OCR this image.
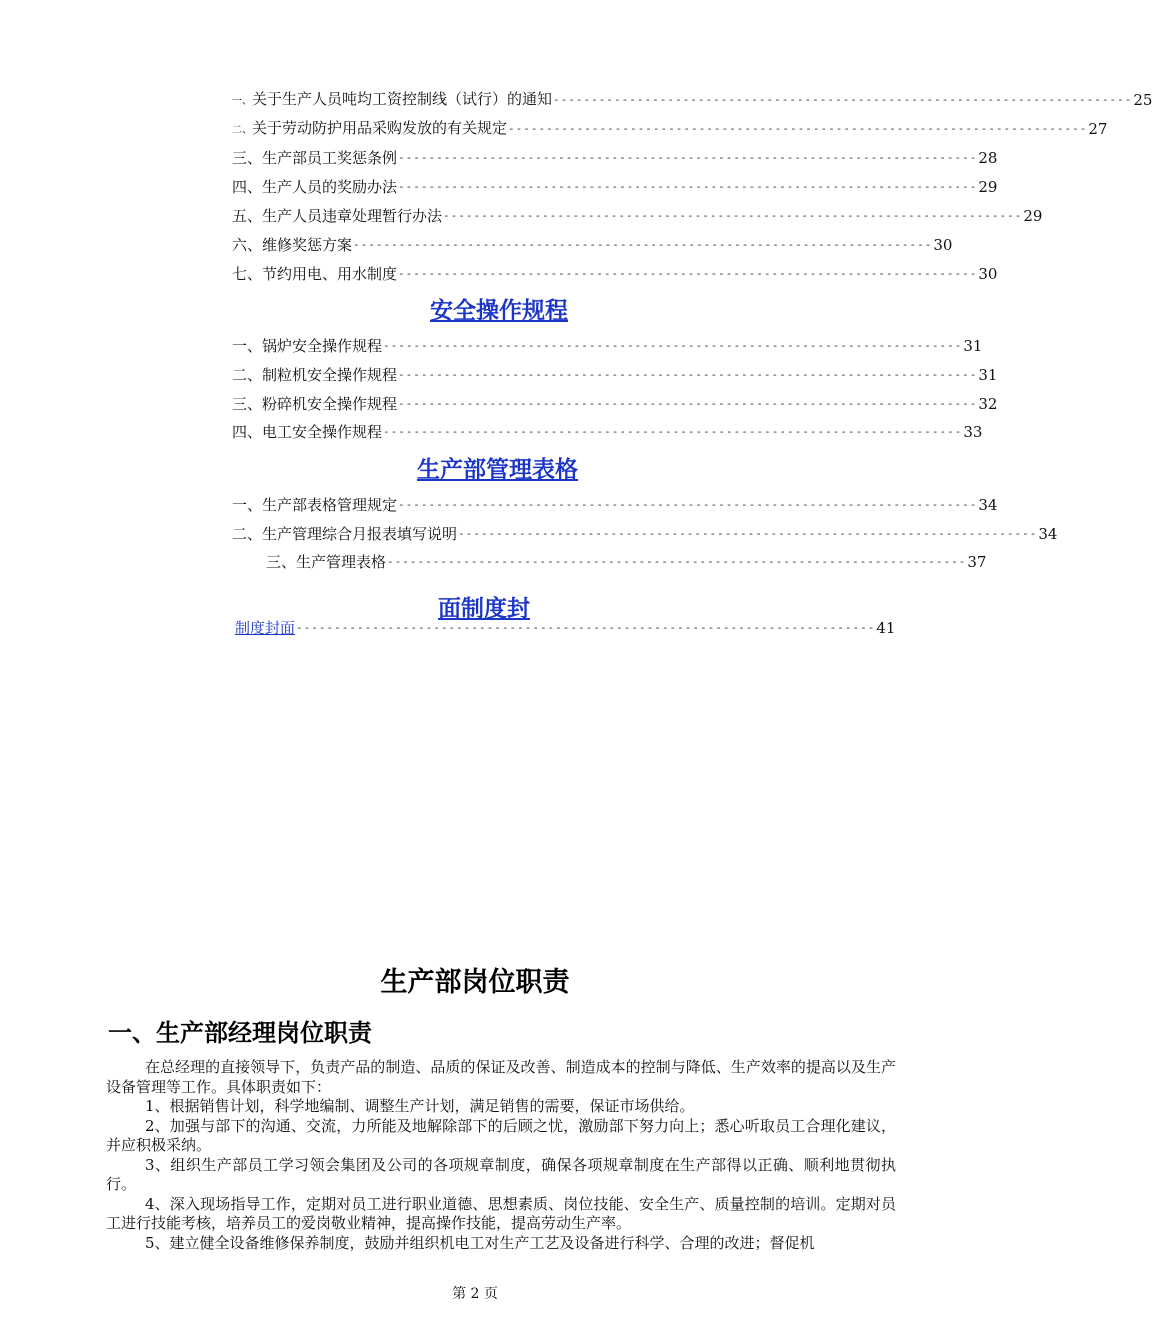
一、关于生产人员吨均工资控制线（试行）的通知 ---------------------------------------------------------------------------- 25
二、关于劳动防护用品采购发放的有关规定 ---------------------------------------------------------------------------- 27
三、生产部员工奖惩条例 ---------------------------------------------------------------------------- 28
四、生产人员的奖励办法 ---------------------------------------------------------------------------- 29
五、生产人员违章处理暂行办法 ---------------------------------------------------------------------------- 29
六、维修奖惩方案 ---------------------------------------------------------------------------- 30
七、节约用电、用水制度 ---------------------------------------------------------------------------- 30
安全操作规程
一、锅炉安全操作规程 ---------------------------------------------------------------------------- 31
二、制粒机安全操作规程 ---------------------------------------------------------------------------- 31
三、粉碎机安全操作规程 ---------------------------------------------------------------------------- 32
四、电工安全操作规程 ---------------------------------------------------------------------------- 33
生产部管理表格
一、生产部表格管理规定 ---------------------------------------------------------------------------- 34
二、生产管理综合月报表填写说明 ---------------------------------------------------------------------------- 34
三、生产管理表格 ---------------------------------------------------------------------------- 37
面制度封
制度封面 ---------------------------------------------------------------------------- 41
生产部岗位职责
一、生产部经理岗位职责

在总经理的直接领导下，负责产品的制造、品质的保证及改善、制造成本的控制与降低、生产效率的提高以及生产设备管理等工作。具体职责如下：

1、根据销售计划，科学地编制、调整生产计划，满足销售的需要，保证市场供给。

2、加强与部下的沟通、交流，力所能及地解除部下的后顾之忧，激励部下努力向上；悉心听取员工合理化建议，并应积极采纳。

3、组织生产部员工学习领会集团及公司的各项规章制度，确保各项规章制度在生产部得以正确、顺利地贯彻执行。

4、深入现场指导工作，定期对员工进行职业道德、思想素质、岗位技能、安全生产、质量控制的培训。定期对员工进行技能考核，培养员工的爱岗敬业精神，提高操作技能，提高劳动生产率。

5、建立健全设备维修保养制度，鼓励并组织机电工对生产工艺及设备进行科学、合理的改进；督促机

第 2 页
